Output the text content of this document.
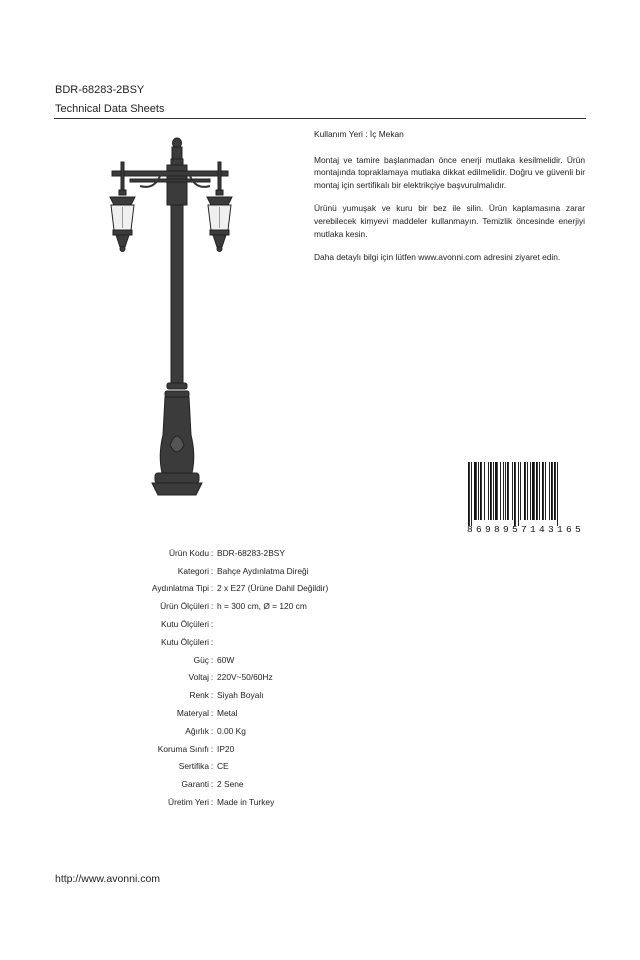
BDR-68283-2BSY
Technical Data Sheets

Kullanım Yeri : İç Mekan

Montaj ve tamire başlanmadan önce enerji mutlaka kesilmelidir. Ürün montajında topraklamaya mutlaka dikkat edilmelidir. Doğru ve güvenli bir montaj için sertifikalı bir elektrikçiye başvurulmalıdır.

Ürünü yumuşak ve kuru bir bez ile silin. Ürün kaplamasına zarar verebilecek kimyevi maddeler kullanmayın. Temizlik öncesinde enerjiyi mutlaka kesin.

Daha detaylı bilgi için lütfen www.avonni.com adresini ziyaret edin.

8 6 9 8 9 5 7 1 4 3 1 6 5
Ürün Kodu : BDR-68283-2BSY
Kategori : Bahçe Aydınlatma Direği
Aydınlatma Tipi : 2 x E27 (Ürüne Dahil Değildir)
Ürün Ölçüleri : h = 300 cm, Ø = 120 cm
Kutu Ölçüleri :
Kutu Ölçüleri :
Güç : 60W
Voltaj : 220V~50/60Hz
Renk : Siyah Boyalı
Materyal : Metal
Ağırlık : 0.00 Kg
Koruma Sınıfı : IP20
Sertifika : CE
Garanti : 2 Sene
Üretim Yeri : Made in Turkey
http://www.avonni.com
